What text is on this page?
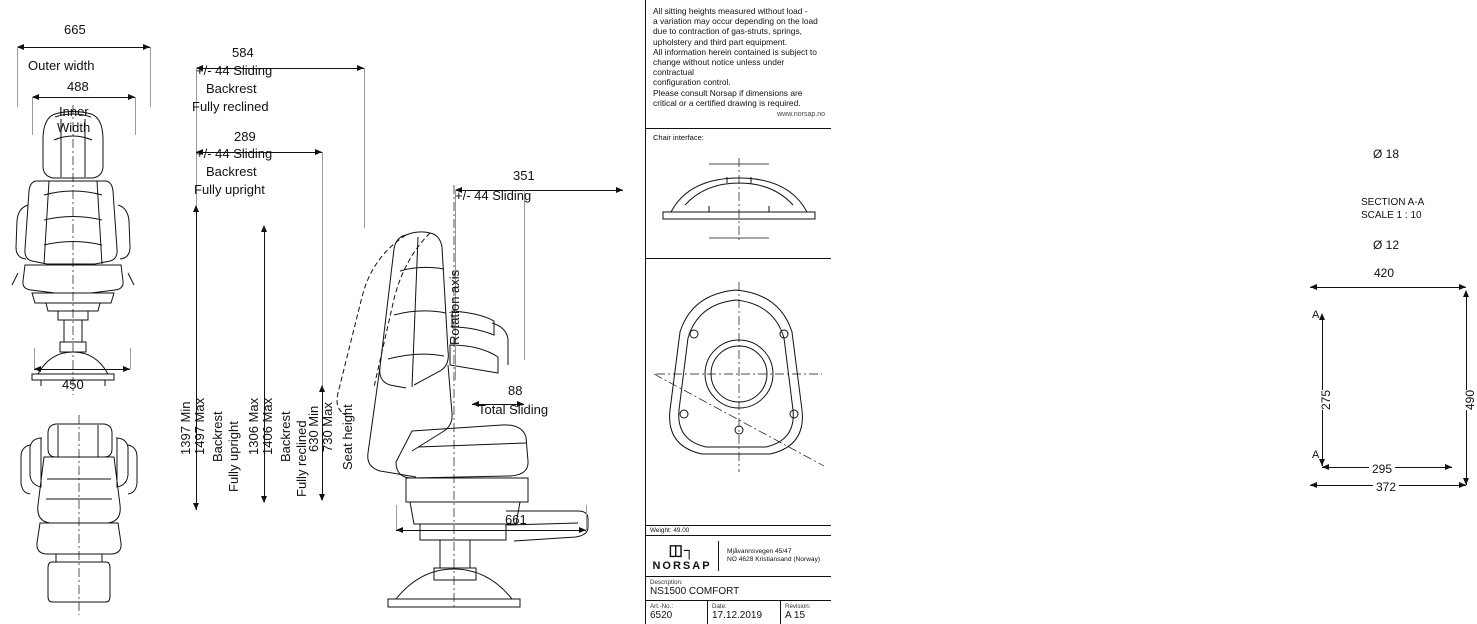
665
Outer width
488
Inner
Width
450
584
+/- 44 Sliding
Backrest
Fully reclined
289
+/- 44 Sliding
Backrest
Fully upright
351
+/- 44 Sliding
Rotation axis
1397 Min 1497 Max Backrest Fully upright 1306 Max 1406 Max Backrest Fully reclined
630 Min 730 Max Seat height
88
Total Sliding
661
All sitting heights measured without load -
a variation may occur depending on the load
due to contraction of gas-struts, springs,
upholstery and third part equipment.
All information herein contained is subject to
change without notice unless under contractual
configuration control.
Please consult Norsap if dimensions are
critical or a certified drawing is required.
www.norsap.no
Chair interface:
Ø 18
Ø 12
SECTION A-A
SCALE 1 : 10
420
295
372
275	490
A
A
Weight: 49.00
◫┐
NORSAP
Mjåvannsvegen 45/47
NO 4628 Kristiansand (Norway)
Description:
NS1500 COMFORT
Art.-No.:
6520
Date:
17.12.2019
Revision:
A 15
